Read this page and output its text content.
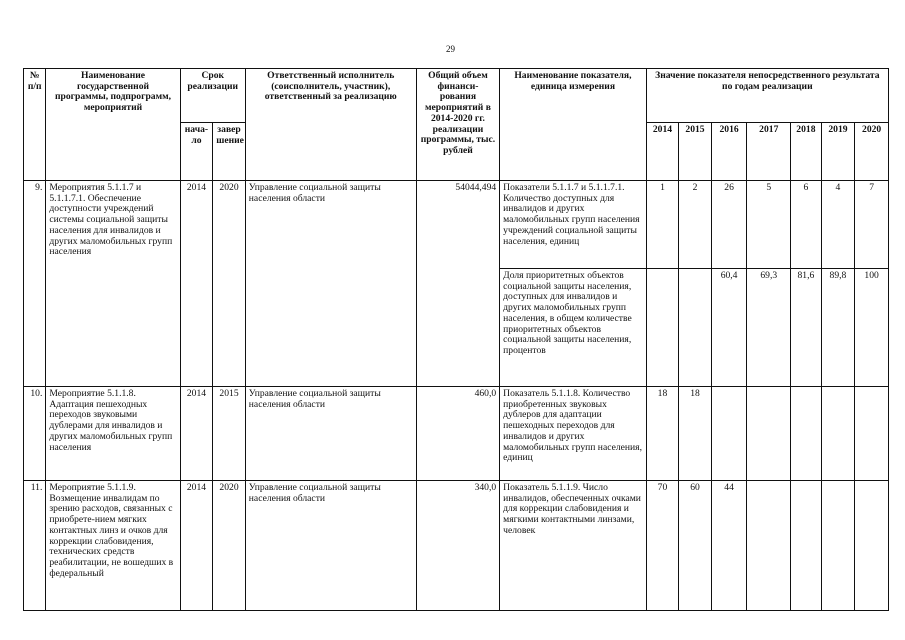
29
№ п/п	Наименование государственной программы, подпрограмм, мероприятий	Срок реализации		Ответственный исполнитель (соисполнитель, участник), ответственный за реализацию	Общий объем финанси-рования мероприятий в 2014-2020 гг. реализации программы, тыс. рублей	Наименование показателя, единица измерения	Значение показателя непосредственного результата по годам реализации						
		нача-ло	завер шение				2014	2015	2016	2017	2018	2019	2020
9.	Мероприятия 5.1.1.7 и 5.1.1.7.1. Обеспечение доступности учреждений системы социальной защиты населения для инвалидов и других маломобильных групп населения	2014	2020	Управление социальной защиты населения области	54044,494	Показатели 5.1.1.7 и 5.1.1.7.1. Количество доступных для инвалидов и других маломобильных групп населения учреждений социальной защиты населения, единиц	1	2	26	5	6	4	7
						Доля приоритетных объектов социальной защиты населения, доступных для инвалидов и других маломобильных групп населения, в общем количестве приоритетных объектов социальной защиты населения, процентов			60,4	69,3	81,6	89,8	100
10.	Мероприятие 5.1.1.8. Адаптация пешеходных переходов звуковыми дублерами для инвалидов и других маломобильных групп населения	2014	2015	Управление социальной защиты населения области	460,0	Показатель 5.1.1.8. Количество приобретенных звуковых дублеров для адаптации пешеходных переходов для инвалидов и других маломобильных групп населения, единиц	18	18					
11.	Мероприятие 5.1.1.9. Возмещение инвалидам по зрению расходов, связанных с приобрете-нием мягких контактных линз и очков для коррекции слабовидения, технических средств реабилитации, не вошедших в федеральный	2014	2020	Управление социальной защиты населения области	340,0	Показатель 5.1.1.9. Число инвалидов, обеспеченных очками для коррекции слабовидения и мягкими контактными линзами, человек	70	60	44				
